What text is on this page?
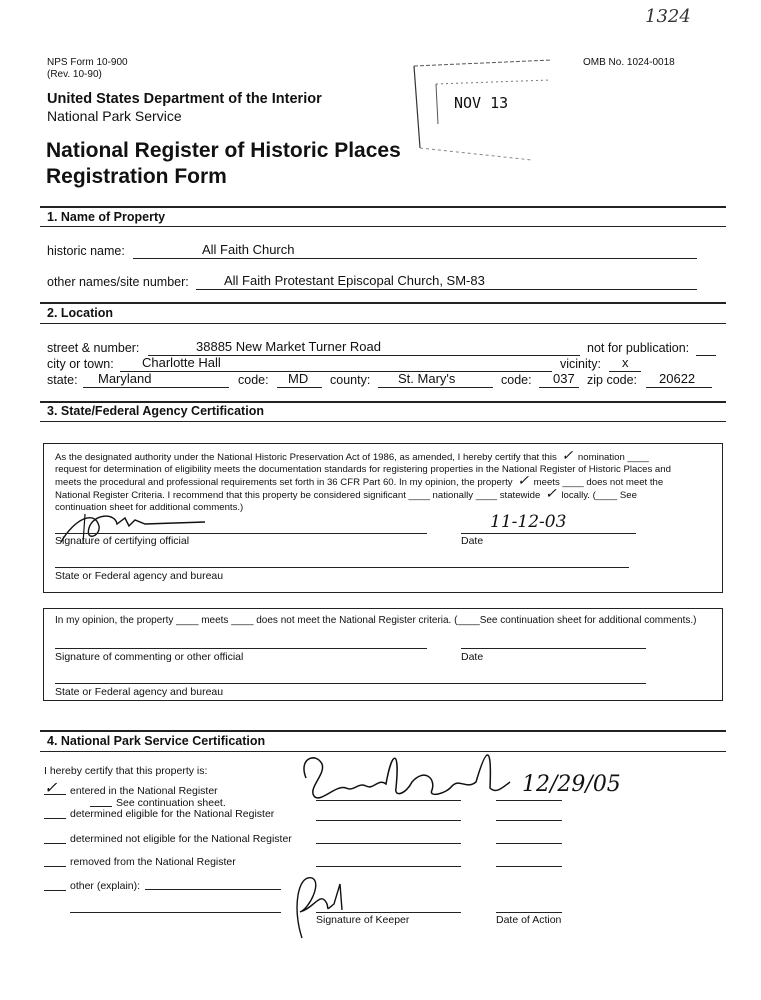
NPS Form 10-900
(Rev. 10-90)
OMB No. 1024-0018
1324
NOV 13
United States Department of the Interior
National Park Service
National Register of Historic Places
Registration Form
1. Name of Property
historic name:	All Faith Church
other names/site number:	All Faith Protestant Episcopal Church, SM-83
2. Location
street & number:	38885 New Market Turner Road	not for publication:
city or town: Charlotte Hall	vicinity: x
state: Maryland	code: MD county: St. Mary's	code: 037 zip code: 20622
3. State/Federal Agency Certification

As the designated authority under the National Historic Preservation Act of 1986, as amended, I hereby certify that this ✓ nomination ____

request for determination of eligibility meets the documentation standards for registering properties in the National Register of Historic Places and

meets the procedural and professional requirements set forth in 36 CFR Part 60. In my opinion, the property ✓ meets ____ does not meet the

National Register Criteria. I recommend that this property be considered significant ____ nationally ____ statewide ✓ locally. (____ See

continuation sheet for additional comments.)

Signature of certifying official	Date
11-12-03
State or Federal agency and bureau
In my opinion, the property ____ meets ____ does not meet the National Register criteria. (____See continuation sheet for additional comments.)
Signature of commenting or other official	Date
State or Federal agency and bureau
4. National Park Service Certification
I hereby certify that this property is:
12/29/05
✓ entered in the National Register
See continuation sheet.
determined eligible for the National Register
determined not eligible for the National Register
removed from the National Register
other (explain):
Signature of Keeper	Date of Action
